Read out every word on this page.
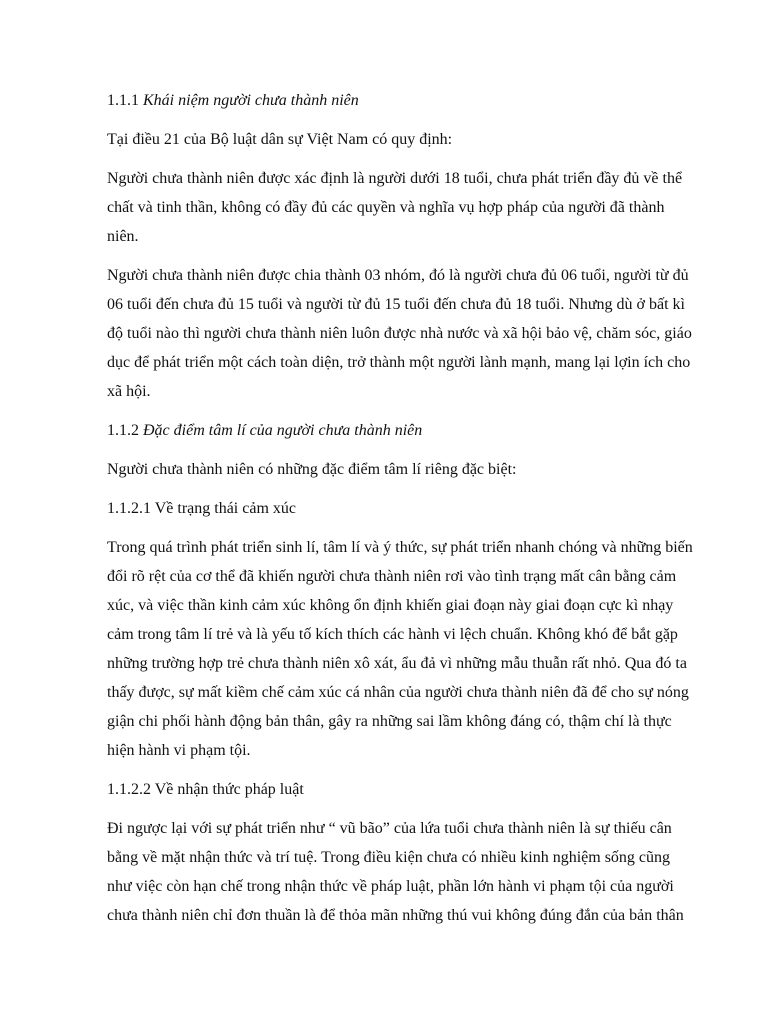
1.1.1 Khái niệm người chưa thành niên

Tại điều 21 của Bộ luật dân sự Việt Nam có quy định:

Người chưa thành niên được xác định là người dưới 18 tuổi, chưa phát triển đầy đủ về thể chất và tinh thần, không có đầy đủ các quyền và nghĩa vụ hợp pháp của người đã thành niên.

Người chưa thành niên được chia thành 03 nhóm, đó là người chưa đủ 06 tuổi, người từ đủ 06 tuổi đến chưa đủ 15 tuổi và người từ đủ 15 tuổi đến chưa đủ 18 tuổi. Nhưng dù ở bất kì độ tuổi nào thì người chưa thành niên luôn được nhà nước và xã hội bảo vệ, chăm sóc, giáo dục để phát triển một cách toàn diện, trở thành một người lành mạnh, mang lại lợin ích cho xã hội.

1.1.2 Đặc điểm tâm lí của người chưa thành niên

Người chưa thành niên có những đặc điểm tâm lí riêng đặc biệt:

1.1.2.1 Về trạng thái cảm xúc

Trong quá trình phát triển sinh lí, tâm lí và ý thức, sự phát triển nhanh chóng và những biến đổi rõ rệt của cơ thể đã khiến người chưa thành niên rơi vào tình trạng mất cân bằng cảm xúc, và việc thần kinh cảm xúc không ổn định khiến giai đoạn này giai đoạn cực kì nhạy cảm trong tâm lí trẻ và là yếu tố kích thích các hành vi lệch chuẩn. Không khó để bắt gặp những trường hợp trẻ chưa thành niên xô xát, ẩu đả vì những mẫu thuẫn rất nhỏ. Qua đó ta thấy được, sự mất kiềm chế cảm xúc cá nhân của người chưa thành niên đã để cho sự nóng giận chi phối hành động bản thân, gây ra những sai lầm không đáng có, thậm chí là thực hiện hành vi phạm tội.

1.1.2.2 Về nhận thức pháp luật

Đi ngược lại với sự phát triển như “ vũ bão” của lứa tuổi chưa thành niên là sự thiếu cân bằng về mặt nhận thức và trí tuệ. Trong điều kiện chưa có nhiều kinh nghiệm sống cũng như việc còn hạn chế trong nhận thức về pháp luật, phần lớn hành vi phạm tội của người chưa thành niên chỉ đơn thuần là để thỏa mãn những thú vui không đúng đắn của bản thân
